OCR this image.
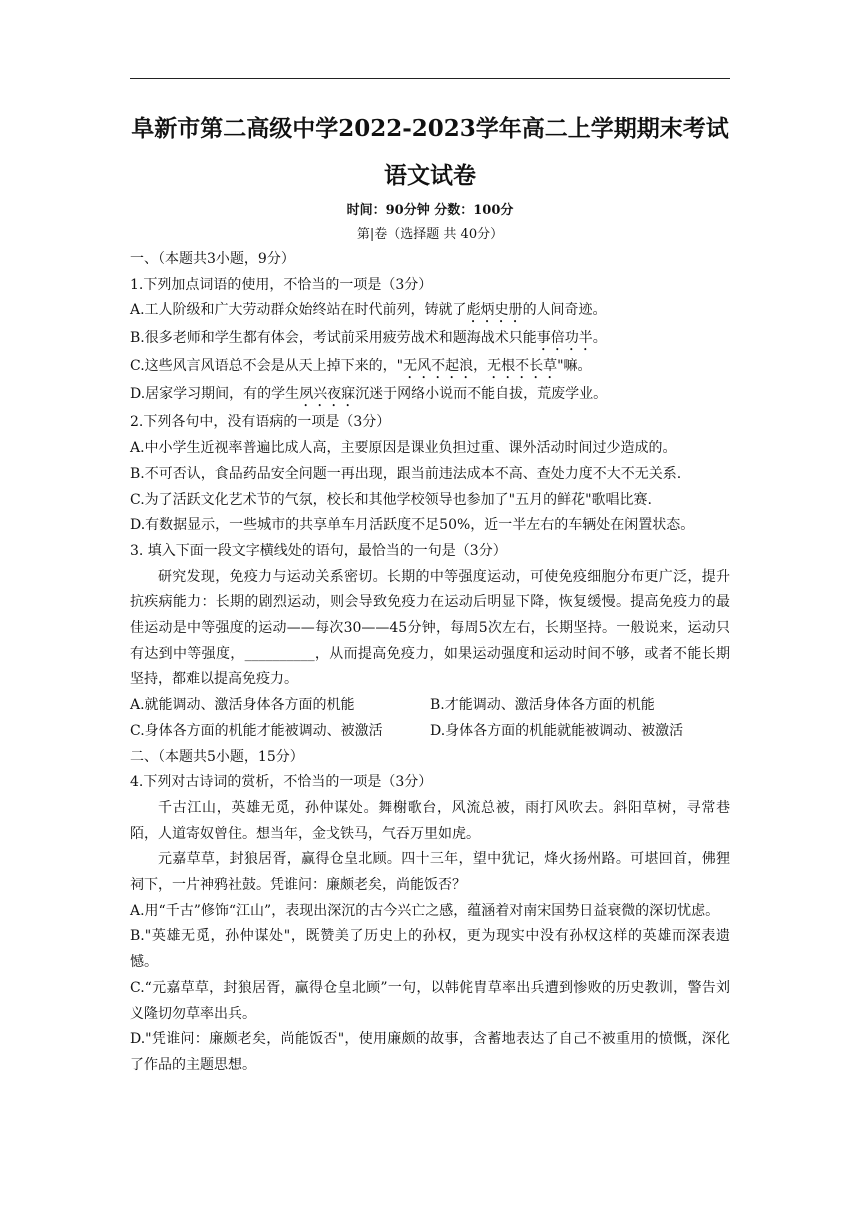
阜新市第二高级中学2022-2023学年高二上学期期末考试
语文试卷
时间：90分钟 分数：100分
第|卷（选择题 共 40分）

一、（本题共3小题，9分）

1.下列加点词语的使用，不恰当的一项是（3分）

A.工人阶级和广大劳动群众始终站在时代前列，铸就了彪炳史册的人间奇迹。

B.很多老师和学生都有体会，考试前采用疲劳战术和题海战术只能事倍功半。

C.这些风言风语总不会是从天上掉下来的，"无风不起浪，无根不长草"嘛。

D.居家学习期间，有的学生夙兴夜寐沉迷于网络小说而不能自拔，荒废学业。

2.下列各句中，没有语病的一项是（3分）

A.中小学生近视率普遍比成人高，主要原因是课业负担过重、课外活动时间过少造成的。

B.不可否认，食品药品安全问题一再出现，跟当前违法成本不高、查处力度不大不无关系.

C.为了活跃文化艺术节的气氛，校长和其他学校领导也参加了"五月的鲜花"歌唱比赛.

D.有数据显示，一些城市的共享单车月活跃度不足50%，近一半左右的车辆处在闲置状态。

3. 填入下面一段文字横线处的语句，最恰当的一句是（3分）

研究发现，免疫力与运动关系密切。长期的中等强度运动，可使免疫细胞分布更广泛，提升抗疾病能力：长期的剧烈运动，则会导致免疫力在运动后明显下降，恢复缓慢。提高免疫力的最佳运动是中等强度的运动——每次30——45分钟，每周5次左右，长期坚持。一般说来，运动只有达到中等强度，__________，从而提高免疫力，如果运动强度和运动时间不够，或者不能长期坚持，都难以提高免疫力。

A.就能调动、激活身体各方面的机能	B.才能调动、激活身体各方面的机能
C.身体各方面的机能才能被调动、被激活	D.身体各方面的机能就能被调动、被激活

二、（本题共5小题，15分）

4.下列对古诗词的赏析，不恰当的一项是（3分）

千古江山，英雄无觅，孙仲谋处。舞榭歌台，风流总被，雨打风吹去。斜阳草树，寻常巷陌，人道寄奴曾住。想当年，金戈铁马，气吞万里如虎。

元嘉草草，封狼居胥，赢得仓皇北顾。四十三年，望中犹记，烽火扬州路。可堪回首，佛狸祠下，一片神鸦社鼓。凭谁问：廉颇老矣，尚能饭否？

A.用“千古”修饰“江山”，表现出深沉的古今兴亡之感，蕴涵着对南宋国势日益衰微的深切忧虑。

B."英雄无觅，孙仲谋处"，既赞美了历史上的孙权，更为现实中没有孙权这样的英雄而深表遗憾。

C.“元嘉草草，封狼居胥，赢得仓皇北顾”一句，以韩侂胄草率出兵遭到惨败的历史教训，警告刘义隆切勿草率出兵。

D."凭谁问：廉颇老矣，尚能饭否"，使用廉颇的故事，含蓄地表达了自己不被重用的愤慨，深化了作品的主题思想。
